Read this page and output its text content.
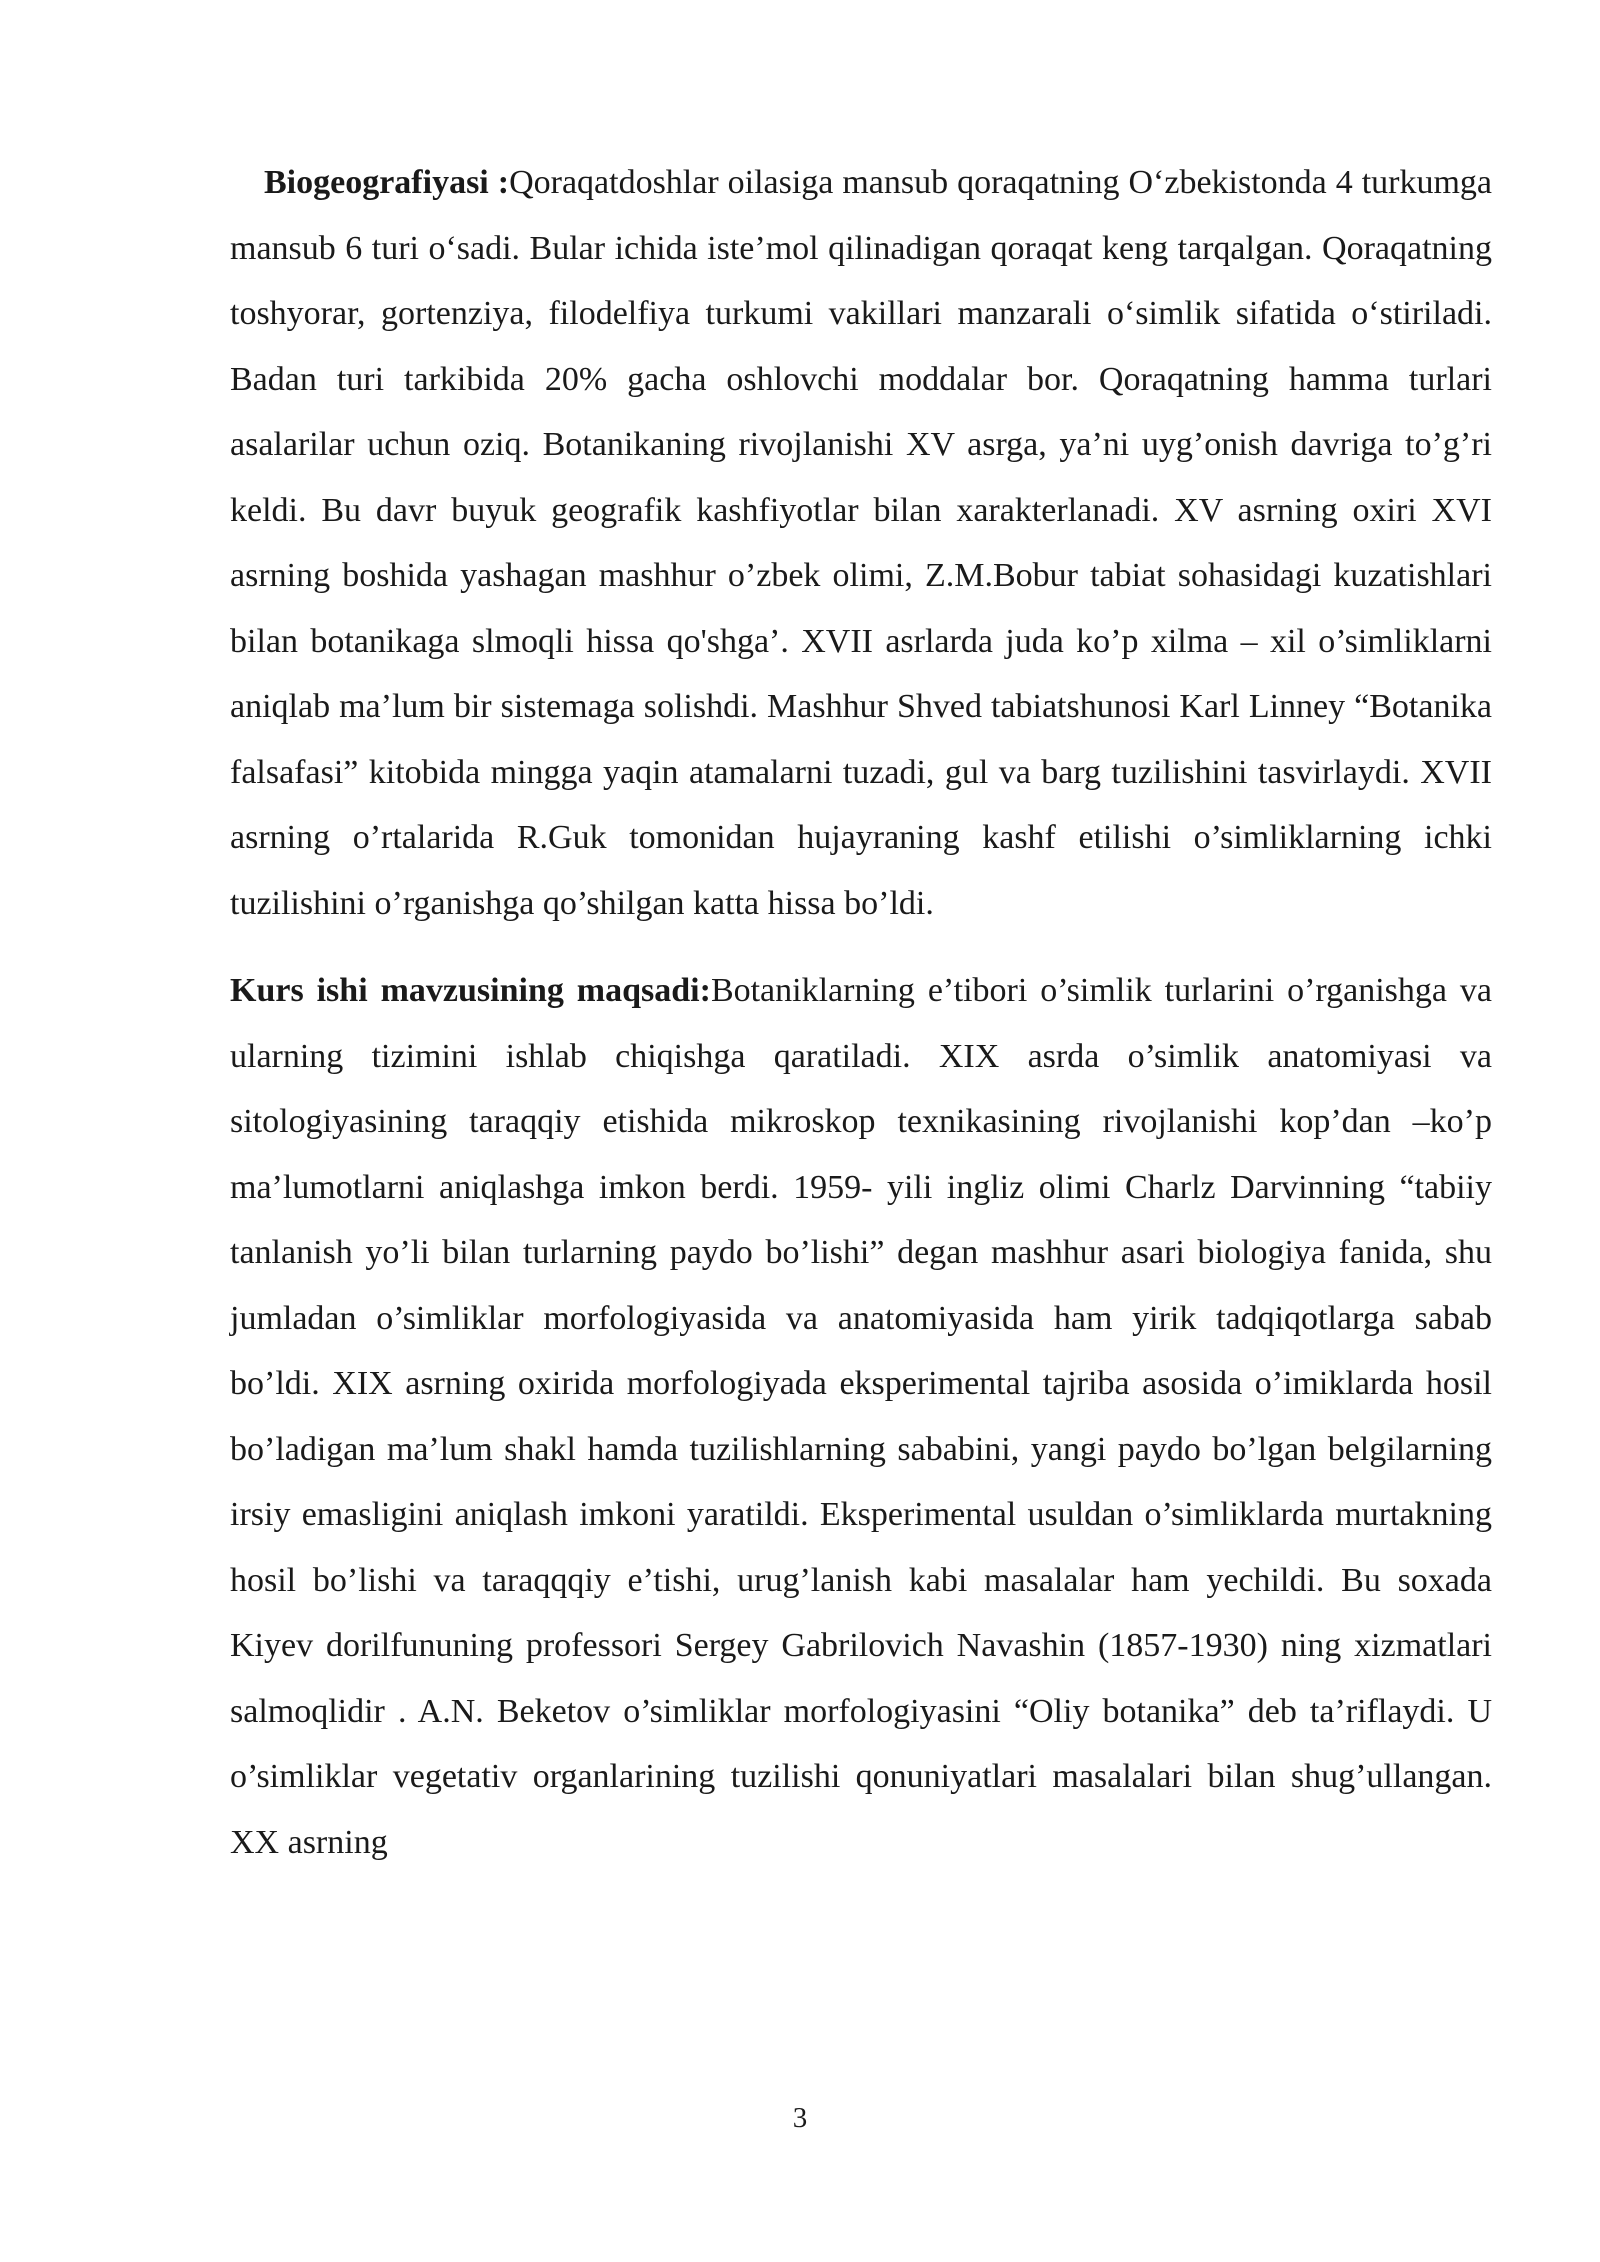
Biogeografiyasi :Qoraqatdoshlar oilasiga mansub qoraqatning O‘zbekistonda 4 turkumga mansub 6 turi o‘sadi. Bular ichida iste’mol qilinadigan qoraqat keng tarqalgan. Qoraqatning toshyorar, gortenziya, filodelfiya turkumi vakillari manzarali o‘simlik sifatida o‘stiriladi. Badan turi tarkibida 20% gacha oshlovchi moddalar bor. Qoraqatning hamma turlari asalarilar uchun oziq. Botanikaning rivojlanishi XV asrga, ya’ni uyg’onish davriga to’g’ri keldi. Bu davr buyuk geografik kashfiyotlar bilan xarakterlanadi. XV asrning oxiri XVI asrning boshida yashagan mashhur o’zbek olimi, Z.M.Bobur tabiat sohasidagi kuzatishlari bilan botanikaga slmoqli hissa qo'shga’. XVII asrlarda juda ko’p xilma – xil o’simliklarni aniqlab ma’lum bir sistemaga solishdi. Mashhur Shved tabiatshunosi Karl Linney “Botanika falsafasi” kitobida mingga yaqin atamalarni tuzadi, gul va barg tuzilishini tasvirlaydi. XVII asrning o’rtalarida R.Guk tomonidan hujayraning kashf etilishi o’simliklarning ichki tuzilishini o’rganishga qo’shilgan katta hissa bo’ldi.

Kurs ishi mavzusining maqsadi:Botaniklarning e’tibori o’simlik turlarini o’rganishga va ularning tizimini ishlab chiqishga qaratiladi. XIX asrda o’simlik anatomiyasi va sitologiyasining taraqqiy etishida mikroskop texnikasining rivojlanishi kop’dan –ko’p ma’lumotlarni aniqlashga imkon berdi. 1959- yili ingliz olimi Charlz Darvinning “tabiiy tanlanish yo’li bilan turlarning paydo bo’lishi” degan mashhur asari biologiya fanida, shu jumladan o’simliklar morfologiyasida va anatomiyasida ham yirik tadqiqotlarga sabab bo’ldi. XIX asrning oxirida morfologiyada eksperimental tajriba asosida o’imiklarda hosil bo’ladigan ma’lum shakl hamda tuzilishlarning sababini, yangi paydo bo’lgan belgilarning irsiy emasligini aniqlash imkoni yaratildi. Eksperimental usuldan o’simliklarda murtakning hosil bo’lishi va taraqqqiy e’tishi, urug’lanish kabi masalalar ham yechildi. Bu soxada Kiyev dorilfununing professori Sergey Gabrilovich Navashin (1857-1930) ning xizmatlari salmoqlidir . A.N. Beketov o’simliklar morfologiyasini “Oliy botanika” deb ta’riflaydi. U o’simliklar vegetativ organlarining tuzilishi qonuniyatlari masalalari bilan shug’ullangan. XX asrning

3
